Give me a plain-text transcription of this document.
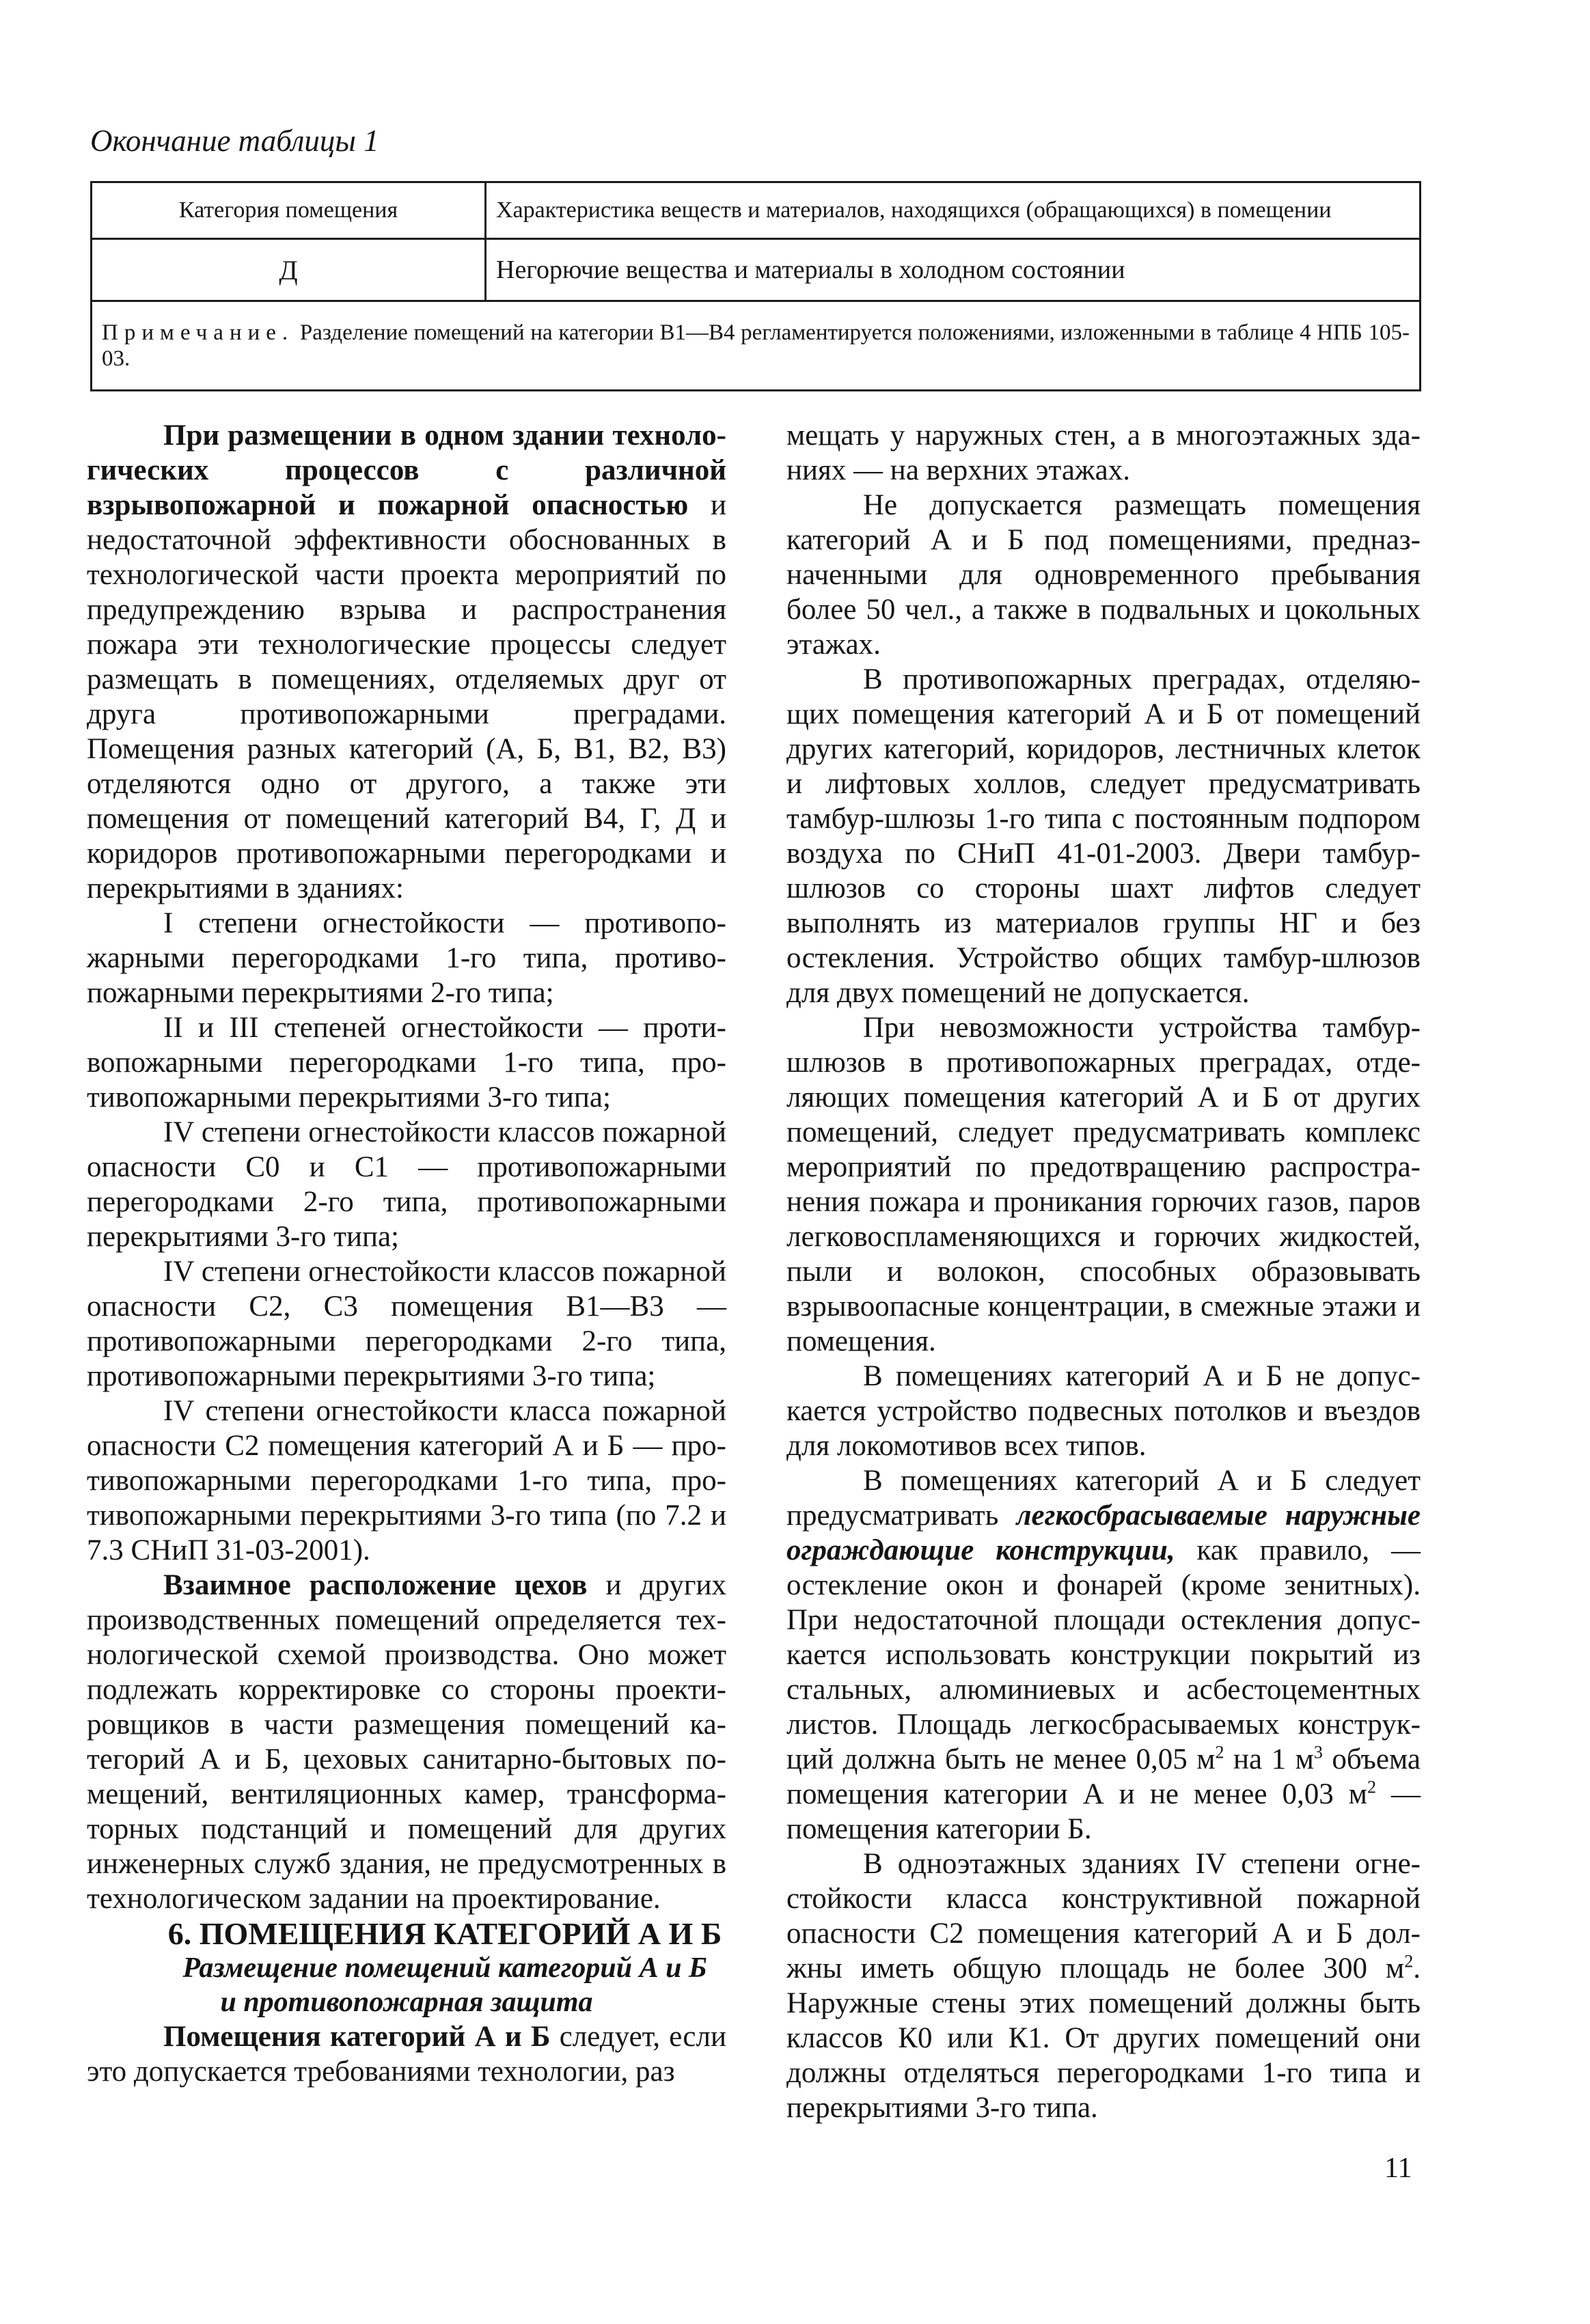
Окончание таблицы 1
Категория помещения	Характеристика веществ и материалов, находящихся (обращающихся) в помещении
Д	Негорючие вещества и материалы в холодном состоянии
Примечание. Разделение помещений на категории В1—В4 регламентируется положениями, изложенными в таблице 4 НПБ 105-03.	

При размещении в одном здании технологических процессов с различной взрывопожарной и пожарной опасностью и недостаточной эффективности обоснованных в технологической части проекта мероприятий по предупреждению взрыва и распространения пожара эти технологические процессы следует размещать в помещениях, отделяемых друг от друга противопожарными преградами. Помещения разных категорий (А, Б, В1, В2, В3) отделяются одно от другого, а также эти помещения от помещений категорий В4, Г, Д и коридоров противопожарными перегородками и перекрытиями в зданиях:

I степени огнестойкости — противопожарными перегородками 1-го типа, противопожарными перекрытиями 2-го типа;

II и III степеней огнестойкости — противопожарными перегородками 1-го типа, противопожарными перекрытиями 3-го типа;

IV степени огнестойкости классов пожарной опасности С0 и С1 — противопожарными перегородками 2-го типа, противопожарными перекрытиями 3-го типа;

IV степени огнестойкости классов пожарной опасности С2, С3 помещения В1—В3 — противопожарными перегородками 2-го типа, противопожарными перекрытиями 3-го типа;

IV степени огнестойкости класса пожарной опасности С2 помещения категорий А и Б — противопожарными перегородками 1-го типа, противопожарными перекрытиями 3-го типа (по 7.2 и 7.3 СНиП 31-03-2001).

Взаимное расположение цехов и других производственных помещений определяется технологической схемой производства. Оно может подлежать корректировке со стороны проектировщиков в части размещения помещений категорий А и Б, цеховых санитарно-бытовых помещений, вентиляционных камер, трансформаторных подстанций и помещений для других инженерных служб здания, не предусмотренных в технологическом задании на проектирование.

6. ПОМЕЩЕНИЯ КАТЕГОРИЙ А И Б

Размещение помещений категорий А и Б
и противопожарная защита

Помещения категорий А и Б следует, если это допускается требованиями технологии, раз

мещать у наружных стен, а в многоэтажных зданиях — на верхних этажах.

Не допускается размещать помещения категорий А и Б под помещениями, предназначенными для одновременного пребывания более 50 чел., а также в подвальных и цокольных этажах.

В противопожарных преградах, отделяющих помещения категорий А и Б от помещений других категорий, коридоров, лестничных клеток и лифтовых холлов, следует предусматривать тамбур-шлюзы 1-го типа с постоянным подпором воздуха по СНиП 41-01-2003. Двери тамбур-шлюзов со стороны шахт лифтов следует выполнять из материалов группы НГ и без остекления. Устройство общих тамбур-шлюзов для двух помещений не допускается.

При невозможности устройства тамбур-шлюзов в противопожарных преградах, отделяющих помещения категорий А и Б от других помещений, следует предусматривать комплекс мероприятий по предотвращению распространения пожара и проникания горючих газов, паров легковоспламеняющихся и горючих жидкостей, пыли и волокон, способных образовывать взрывоопасные концентрации, в смежные этажи и помещения.

В помещениях категорий А и Б не допускается устройство подвесных потолков и въездов для локомотивов всех типов.

В помещениях категорий А и Б следует предусматривать легкосбрасываемые наружные ограждающие конструкции, как правило, — остекление окон и фонарей (кроме зенитных). При недостаточной площади остекления допускается использовать конструкции покрытий из стальных, алюминиевых и асбестоцементных листов. Площадь легкосбрасываемых конструкций должна быть не менее 0,05 $м^2$ на 1 $м^3$ объема помещения категории А и не менее 0,03 $м^2$ — помещения категории Б.

В одноэтажных зданиях IV степени огнестойкости класса конструктивной пожарной опасности С2 помещения категорий А и Б должны иметь общую площадь не более 300 $м^2$. Наружные стены этих помещений должны быть классов К0 или К1. От других помещений они должны отделяться перегородками 1-го типа и перекрытиями 3-го типа.

11
